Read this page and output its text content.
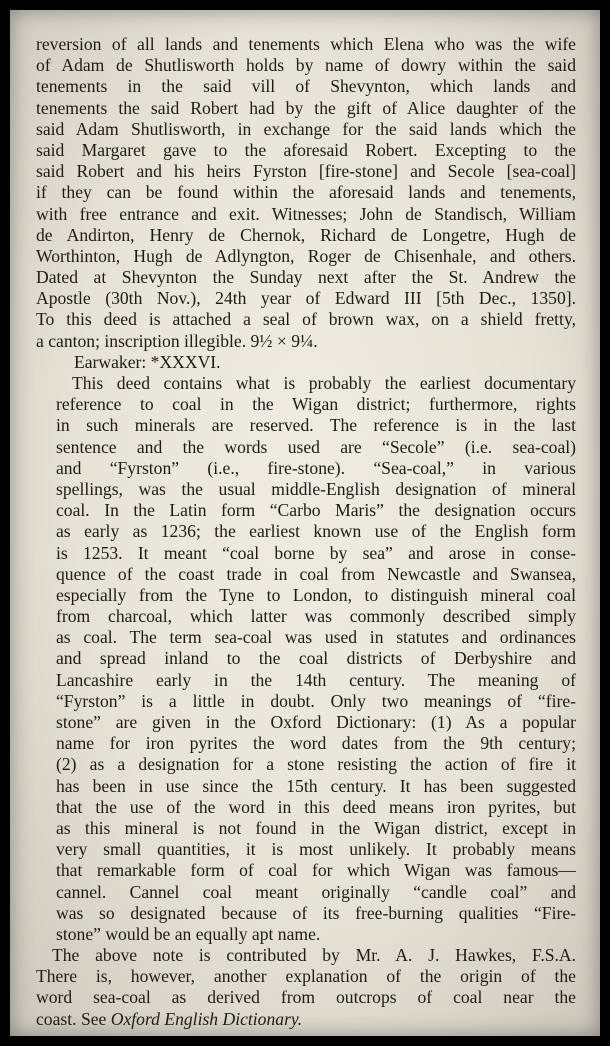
reversion of all lands and tenements which Elena who was the wife
of Adam de Shutlisworth holds by name of dowry within the said
tenements in the said vill of Shevynton, which lands and
tenements the said Robert had by the gift of Alice daughter of the
said Adam Shutlisworth, in exchange for the said lands which the
said Margaret gave to the aforesaid Robert. Excepting to the
said Robert and his heirs Fyrston [fire-stone] and Secole [sea-coal]
if they can be found within the aforesaid lands and tenements,
with free entrance and exit. Witnesses; John de Standisch, William
de Andirton, Henry de Chernok, Richard de Longetre, Hugh de
Worthinton, Hugh de Adlyngton, Roger de Chisenhale, and others.
Dated at Shevynton the Sunday next after the St. Andrew the
Apostle (30th Nov.), 24th year of Edward III [5th Dec., 1350].
To this deed is attached a seal of brown wax, on a shield fretty,
a canton; inscription illegible. 9½ × 9¼.
Earwaker: *XXXVI.
This deed contains what is probably the earliest documentary
reference to coal in the Wigan district; furthermore, rights
in such minerals are reserved. The reference is in the last
sentence and the words used are “Secole” (i.e. sea-coal)
and “Fyrston” (i.e., fire-stone). “Sea-coal,” in various
spellings, was the usual middle-English designation of mineral
coal. In the Latin form “Carbo Maris” the designation occurs
as early as 1236; the earliest known use of the English form
is 1253. It meant “coal borne by sea” and arose in conse-
quence of the coast trade in coal from Newcastle and Swansea,
especially from the Tyne to London, to distinguish mineral coal
from charcoal, which latter was commonly described simply
as coal. The term sea-coal was used in statutes and ordinances
and spread inland to the coal districts of Derbyshire and
Lancashire early in the 14th century. The meaning of
“Fyrston” is a little in doubt. Only two meanings of “fire-
stone” are given in the Oxford Dictionary: (1) As a popular
name for iron pyrites the word dates from the 9th century;
(2) as a designation for a stone resisting the action of fire it
has been in use since the 15th century. It has been suggested
that the use of the word in this deed means iron pyrites, but
as this mineral is not found in the Wigan district, except in
very small quantities, it is most unlikely. It probably means
that remarkable form of coal for which Wigan was famous—
cannel. Cannel coal meant originally “candle coal” and
was so designated because of its free-burning qualities “Fire-
stone” would be an equally apt name.
The above note is contributed by Mr. A. J. Hawkes, F.S.A.
There is, however, another explanation of the origin of the
word sea-coal as derived from outcrops of coal near the
coast. See Oxford English Dictionary.
